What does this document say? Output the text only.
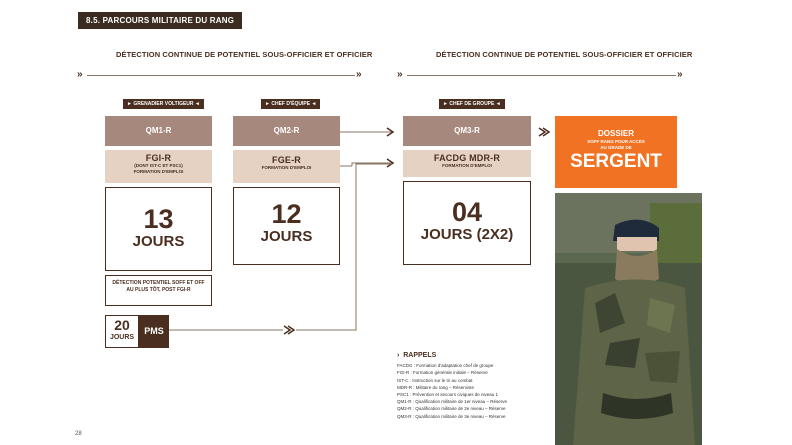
8.5. PARCOURS MILITAIRE DU RANG
DÉTECTION CONTINUE DE POTENTIEL SOUS-OFFICIER ET OFFICIER	DÉTECTION CONTINUE DE POTENTIEL SOUS-OFFICIER ET OFFICIER
»	»	»	»
► GRENADIER VOLTIGEUR ◄	► CHEF D'ÉQUIPE ◄	► CHEF DE GROUPE ◄
QM1-R	QM2-R	QM3-R
FGI-R
(DONT IST-C ET PSC1)
FORMATION D'EMPLOI
FGE-R
FORMATION D'EMPLOI
FACDG MDR-R
FORMATION D'EMPLOI
13
JOURS
12
JOURS
04
JOURS (2X2)
DÉTECTION POTENTIEL SOFF ET OFF
AU PLUS TÔT, POST FGI-R
20
JOURS
PMS
DOSSIER
SOFF RANG POUR ACCÈS
AU GRADE DE
SERGENT
›  RAPPELS
FACDG : Formation d'adaptation chef de groupe
FGI-R : Formation générale initiale – Réserve
IST-C : Instruction sur le tir au combat
MDR-R : Militaire du rang – Réserviste
PSC1 : Prévention et secours civiques de niveau 1
QM1-R : Qualification militaire de 1er niveau – Réserve
QM2-R : Qualification militaire de 2e niveau – Réserve
QM3-R : Qualification militaire de 3e niveau – Réserve
28
